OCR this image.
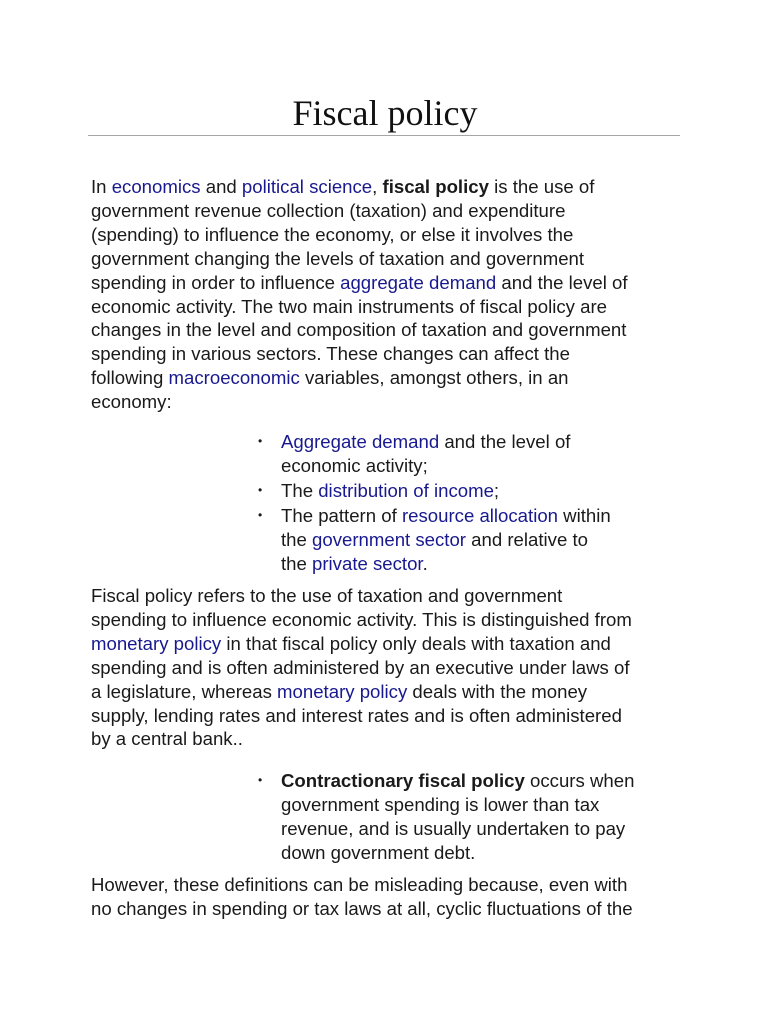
Fiscal policy

In economics and political science, fiscal policy is the use of
government revenue collection (taxation) and expenditure
(spending) to influence the economy, or else it involves the
government changing the levels of taxation and government
spending in order to influence aggregate demand and the level of
economic activity. The two main instruments of fiscal policy are
changes in the level and composition of taxation and government
spending in various sectors. These changes can affect the
following macroeconomic variables, amongst others, in an
economy:

• Aggregate demand and the level of
economic activity;
• The distribution of income;
• The pattern of resource allocation within
the government sector and relative to
the private sector.

Fiscal policy refers to the use of taxation and government
spending to influence economic activity. This is distinguished from
monetary policy in that fiscal policy only deals with taxation and
spending and is often administered by an executive under laws of
a legislature, whereas monetary policy deals with the money
supply, lending rates and interest rates and is often administered
by a central bank..

• Contractionary fiscal policy occurs when
government spending is lower than tax
revenue, and is usually undertaken to pay
down government debt.

However, these definitions can be misleading because, even with
no changes in spending or tax laws at all, cyclic fluctuations of the
